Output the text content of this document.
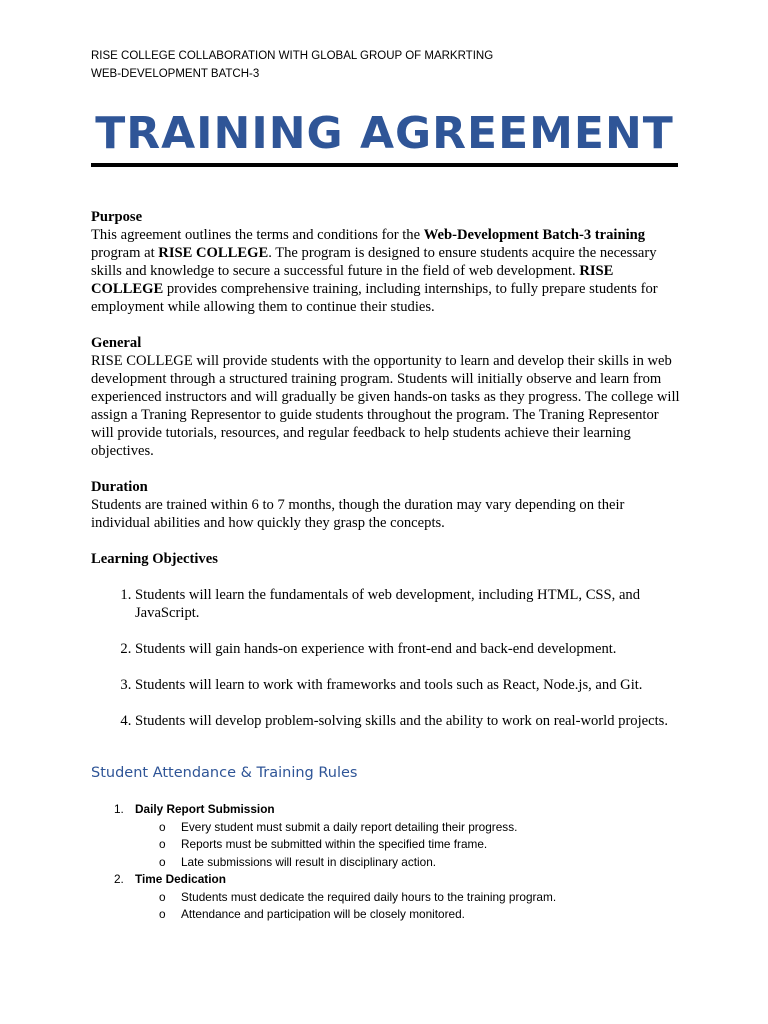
RISE COLLEGE COLLABORATION WITH GLOBAL GROUP OF MARKRTING
WEB-DEVELOPMENT BATCH-3
TRAINING AGREEMENT
Purpose

This agreement outlines the terms and conditions for the Web-Development Batch-3 training program at RISE COLLEGE. The program is designed to ensure students acquire the necessary skills and knowledge to secure a successful future in the field of web development. RISE COLLEGE provides comprehensive training, including internships, to fully prepare students for employment while allowing them to continue their studies.

General

RISE COLLEGE will provide students with the opportunity to learn and develop their skills in web development through a structured training program. Students will initially observe and learn from experienced instructors and will gradually be given hands-on tasks as they progress. The college will assign a Traning Representor to guide students throughout the program. The Traning Representor will provide tutorials, resources, and regular feedback to help students achieve their learning objectives.

Duration

Students are trained within 6 to 7 months, though the duration may vary depending on their individual abilities and how quickly they grasp the concepts.

Learning Objectives
1. Students will learn the fundamentals of web development, including HTML, CSS, and JavaScript.
2. Students will gain hands-on experience with front-end and back-end development.
3. Students will learn to work with frameworks and tools such as React, Node.js, and Git.
4. Students will develop problem-solving skills and the ability to work on real-world projects.
Student Attendance & Training Rules
1. Daily Report Submission
o Every student must submit a daily report detailing their progress.
o Reports must be submitted within the specified time frame.
o Late submissions will result in disciplinary action.
2. Time Dedication
o Students must dedicate the required daily hours to the training program.
o Attendance and participation will be closely monitored.
